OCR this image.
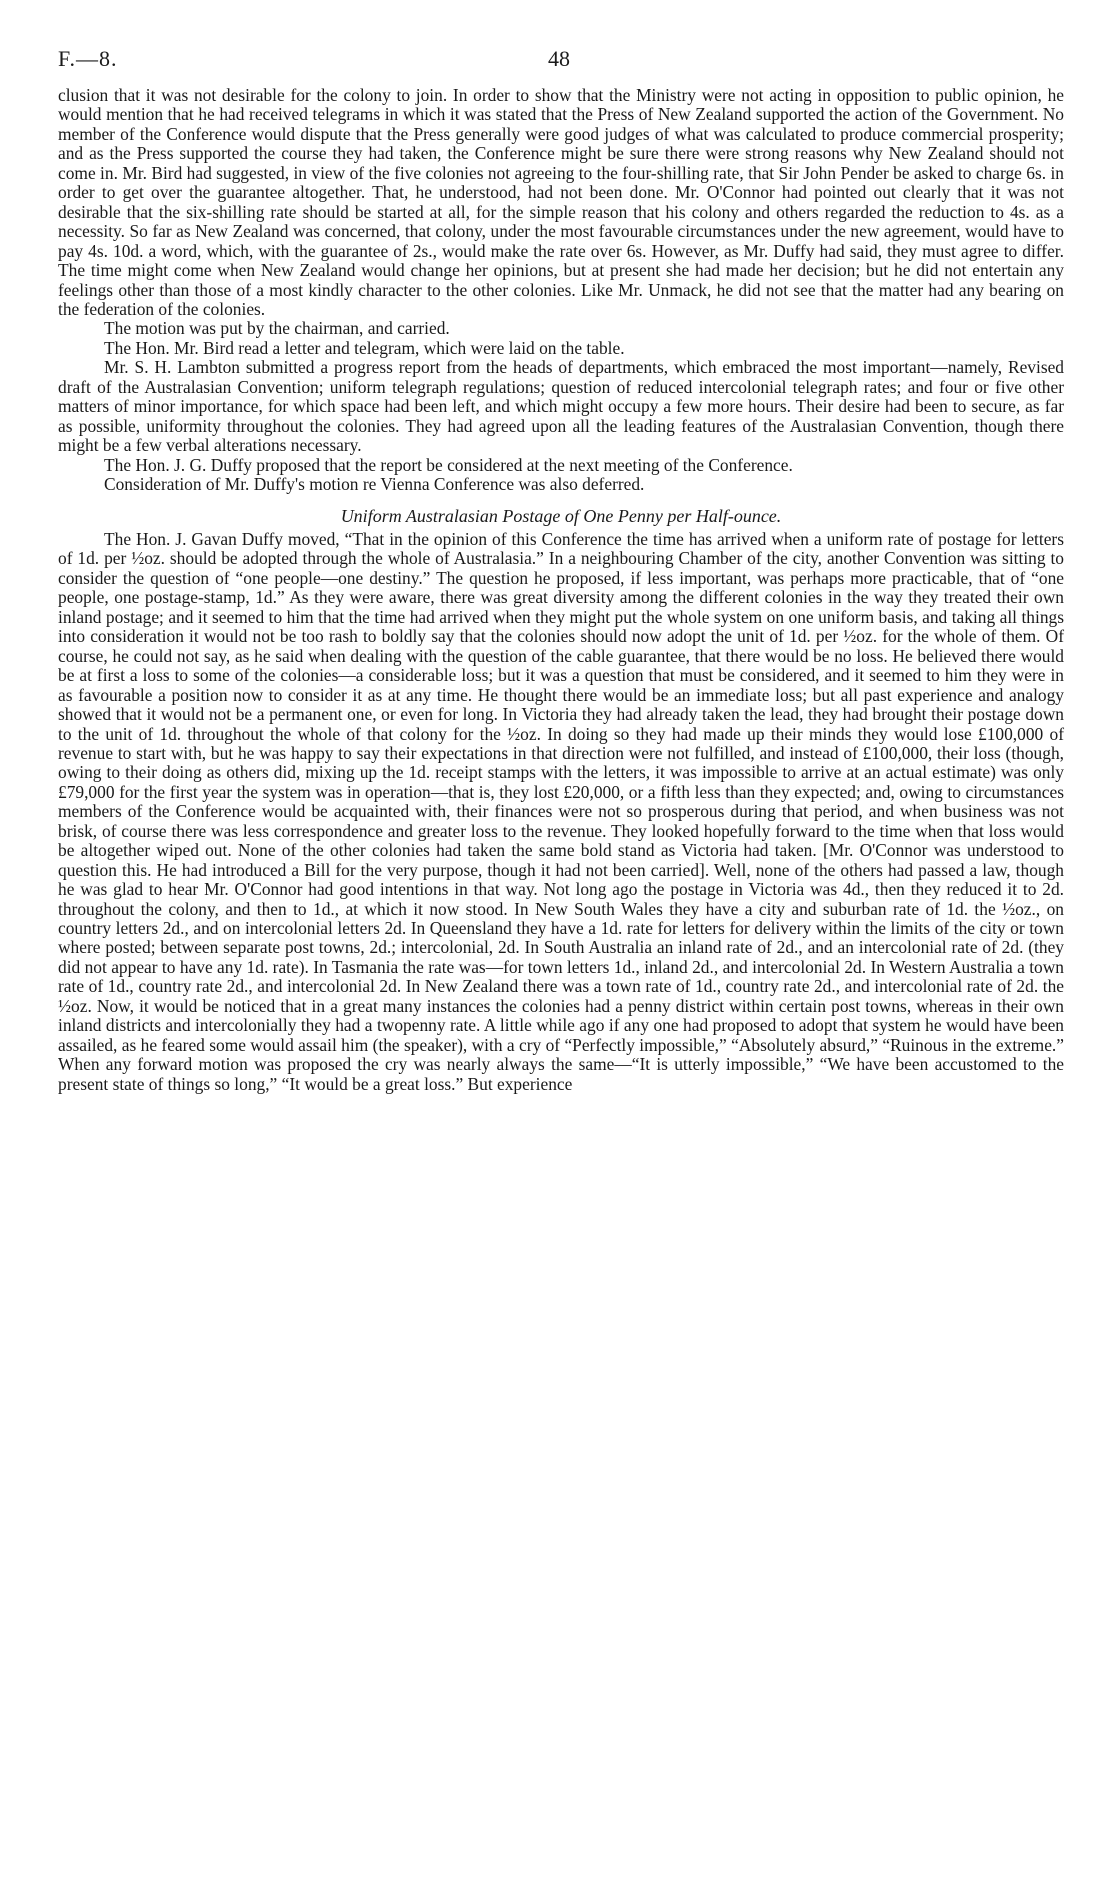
F.—8.	48

clusion that it was not desirable for the colony to join. In order to show that the Ministry were not acting in opposition to public opinion, he would mention that he had received telegrams in which it was stated that the Press of New Zealand supported the action of the Government. No member of the Conference would dispute that the Press generally were good judges of what was calculated to produce commercial prosperity; and as the Press supported the course they had taken, the Conference might be sure there were strong reasons why New Zealand should not come in. Mr. Bird had suggested, in view of the five colonies not agreeing to the four-shilling rate, that Sir John Pender be asked to charge 6s. in order to get over the guarantee altogether. That, he understood, had not been done. Mr. O'Connor had pointed out clearly that it was not desirable that the six-shilling rate should be started at all, for the simple reason that his colony and others regarded the reduction to 4s. as a necessity. So far as New Zealand was concerned, that colony, under the most favourable circumstances under the new agreement, would have to pay 4s. 10d. a word, which, with the guarantee of 2s., would make the rate over 6s. However, as Mr. Duffy had said, they must agree to differ. The time might come when New Zealand would change her opinions, but at present she had made her decision; but he did not entertain any feelings other than those of a most kindly character to the other colonies. Like Mr. Unmack, he did not see that the matter had any bearing on the federation of the colonies.

The motion was put by the chairman, and carried.

The Hon. Mr. Bird read a letter and telegram, which were laid on the table.

Mr. S. H. Lambton submitted a progress report from the heads of departments, which embraced the most important—namely, Revised draft of the Australasian Convention; uniform telegraph regulations; question of reduced intercolonial telegraph rates; and four or five other matters of minor importance, for which space had been left, and which might occupy a few more hours. Their desire had been to secure, as far as possible, uniformity throughout the colonies. They had agreed upon all the leading features of the Australasian Convention, though there might be a few verbal alterations necessary.

The Hon. J. G. Duffy proposed that the report be considered at the next meeting of the Conference.

Consideration of Mr. Duffy's motion re Vienna Conference was also deferred.

Uniform Australasian Postage of One Penny per Half-ounce.

The Hon. J. Gavan Duffy moved, “That in the opinion of this Conference the time has arrived when a uniform rate of postage for letters of 1d. per ½oz. should be adopted through the whole of Australasia.” In a neighbouring Chamber of the city, another Convention was sitting to consider the question of “one people—one destiny.” The question he proposed, if less important, was perhaps more practicable, that of “one people, one postage-stamp, 1d.” As they were aware, there was great diversity among the different colonies in the way they treated their own inland postage; and it seemed to him that the time had arrived when they might put the whole system on one uniform basis, and taking all things into consideration it would not be too rash to boldly say that the colonies should now adopt the unit of 1d. per ½oz. for the whole of them. Of course, he could not say, as he said when dealing with the question of the cable guarantee, that there would be no loss. He believed there would be at first a loss to some of the colonies—a considerable loss; but it was a question that must be considered, and it seemed to him they were in as favourable a position now to consider it as at any time. He thought there would be an immediate loss; but all past experience and analogy showed that it would not be a permanent one, or even for long. In Victoria they had already taken the lead, they had brought their postage down to the unit of 1d. throughout the whole of that colony for the ½oz. In doing so they had made up their minds they would lose £100,000 of revenue to start with, but he was happy to say their expectations in that direction were not fulfilled, and instead of £100,000, their loss (though, owing to their doing as others did, mixing up the 1d. receipt stamps with the letters, it was impossible to arrive at an actual estimate) was only £79,000 for the first year the system was in operation—that is, they lost £20,000, or a fifth less than they expected; and, owing to circumstances members of the Conference would be acquainted with, their finances were not so prosperous during that period, and when business was not brisk, of course there was less correspondence and greater loss to the revenue. They looked hopefully forward to the time when that loss would be altogether wiped out. None of the other colonies had taken the same bold stand as Victoria had taken. [Mr. O'Connor was understood to question this. He had introduced a Bill for the very purpose, though it had not been carried]. Well, none of the others had passed a law, though he was glad to hear Mr. O'Connor had good intentions in that way. Not long ago the postage in Victoria was 4d., then they reduced it to 2d. throughout the colony, and then to 1d., at which it now stood. In New South Wales they have a city and suburban rate of 1d. the ½oz., on country letters 2d., and on intercolonial letters 2d. In Queensland they have a 1d. rate for letters for delivery within the limits of the city or town where posted; between separate post towns, 2d.; intercolonial, 2d. In South Australia an inland rate of 2d., and an intercolonial rate of 2d. (they did not appear to have any 1d. rate). In Tasmania the rate was—for town letters 1d., inland 2d., and intercolonial 2d. In Western Australia a town rate of 1d., country rate 2d., and intercolonial 2d. In New Zealand there was a town rate of 1d., country rate 2d., and intercolonial rate of 2d. the ½oz. Now, it would be noticed that in a great many instances the colonies had a penny district within certain post towns, whereas in their own inland districts and intercolonially they had a twopenny rate. A little while ago if any one had proposed to adopt that system he would have been assailed, as he feared some would assail him (the speaker), with a cry of “Perfectly impossible,” “Absolutely absurd,” “Ruinous in the extreme.” When any forward motion was proposed the cry was nearly always the same—“It is utterly impossible,” “We have been accustomed to the present state of things so long,” “It would be a great loss.” But experience
